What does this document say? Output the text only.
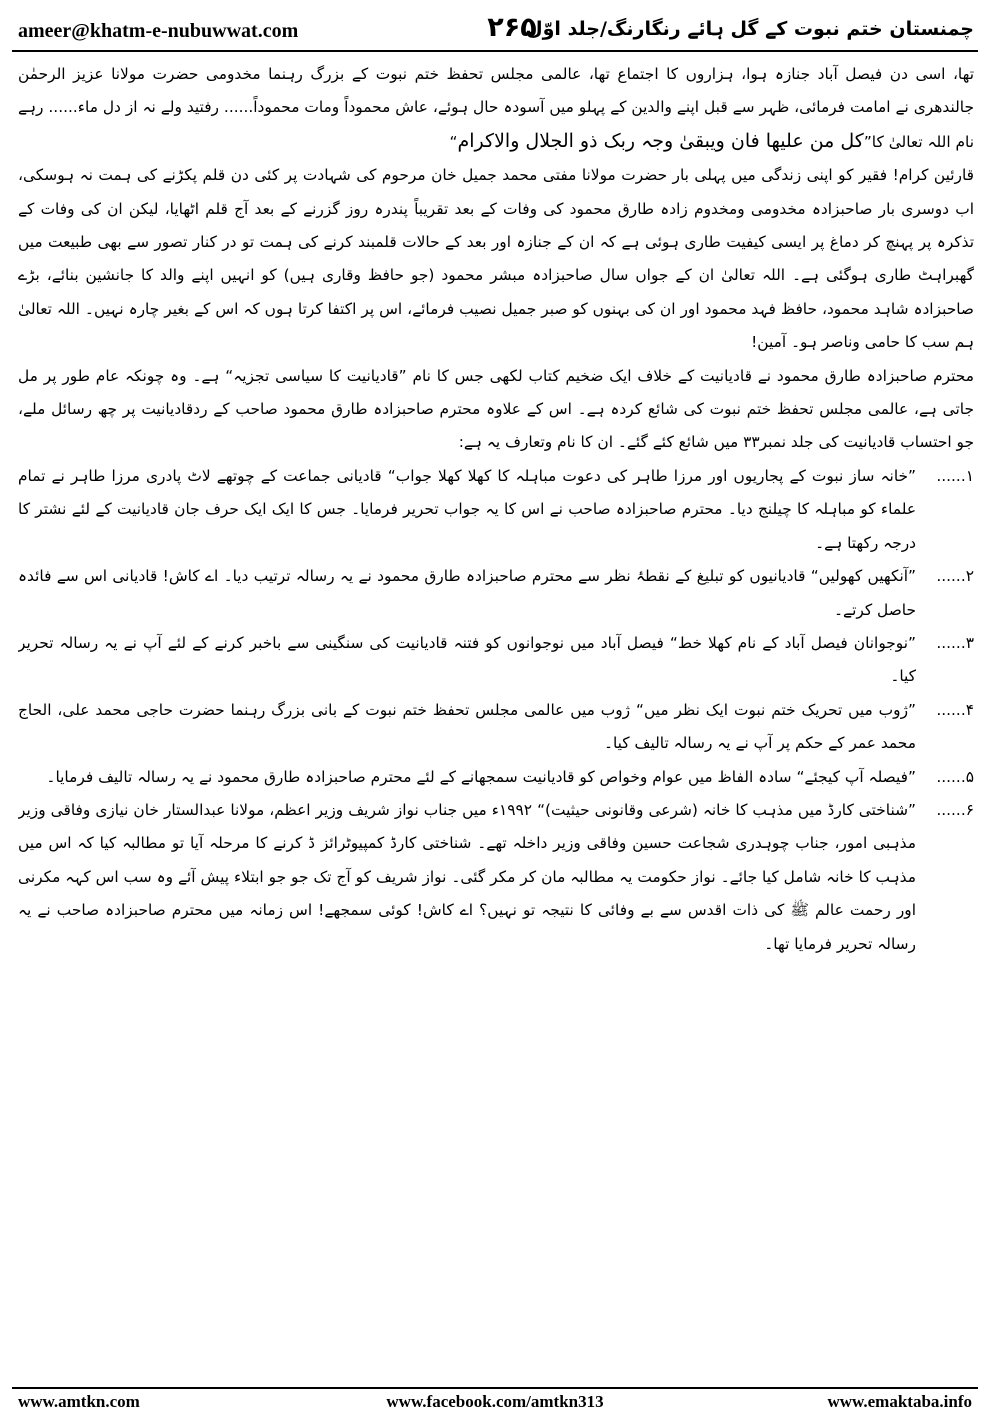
ameer@khatm-e-nubuwwat.com	۲۶۵
چمنستان ختم نبوت کے گل ہائے رنگارنگ/جلد اوّل

تھا، اسی دن فیصل آباد جنازہ ہوا، ہزاروں کا اجتماع تھا، عالمی مجلس تحفظ ختم نبوت کے بزرگ رہنما مخدومی حضرت مولانا عزیز الرحمٰن جالندھری نے امامت فرمائی، ظہر سے قبل اپنے والدین کے پہلو میں آسودہ حال ہوئے، عاش محموداً ومات محموداً...... رفتید ولے نہ از دل ماء...... رہے نام اللہ تعالیٰ کا”کل من علیھا فان ویبقیٰ وجہ ربک ذو الجلال والاکرام“

قارئین کرام! فقیر کو اپنی زندگی میں پہلی بار حضرت مولانا مفتی محمد جمیل خان مرحوم کی شہادت پر کئی دن قلم پکڑنے کی ہمت نہ ہوسکی، اب دوسری بار صاحبزادہ مخدومی ومخدوم زادہ طارق محمود کی وفات کے بعد تقریباً پندرہ روز گزرنے کے بعد آج قلم اٹھایا، لیکن ان کی وفات کے تذکرہ پر پہنچ کر دماغ پر ایسی کیفیت طاری ہوئی ہے کہ ان کے جنازہ اور بعد کے حالات قلمبند کرنے کی ہمت تو در کنار تصور سے بھی طبیعت میں گھبراہٹ طاری ہوگئی ہے۔ اللہ تعالیٰ ان کے جواں سال صاحبزادہ مبشر محمود (جو حافظ وقاری ہیں) کو انہیں اپنے والد کا جانشین بنائے، بڑے صاحبزادہ شاہد محمود، حافظ فہد محمود اور ان کی بہنوں کو صبر جمیل نصیب فرمائے، اس پر اکتفا کرتا ہوں کہ اس کے بغیر چارہ نہیں۔ اللہ تعالیٰ ہم سب کا حامی وناصر ہو۔ آمین!

محترم صاحبزادہ طارق محمود نے قادیانیت کے خلاف ایک ضخیم کتاب لکھی جس کا نام ”قادیانیت کا سیاسی تجزیہ“ ہے۔ وہ چونکہ عام طور پر مل جاتی ہے، عالمی مجلس تحفظ ختم نبوت کی شائع کردہ ہے۔ اس کے علاوہ محترم صاحبزادہ طارق محمود صاحب کے ردقادیانیت پر چھ رسائل ملے، جو احتساب قادیانیت کی جلد نمبر۳۳ میں شائع کئے گئے۔ ان کا نام وتعارف یہ ہے:

۱......
”خانہ ساز نبوت کے پجاریوں اور مرزا طاہر کی دعوت مباہلہ کا کھلا کھلا جواب“ قادیانی جماعت کے چوتھے لاٹ پادری مرزا طاہر نے تمام علماء کو مباہلہ کا چیلنج دیا۔ محترم صاحبزادہ صاحب نے اس کا یہ جواب تحریر فرمایا۔ جس کا ایک ایک حرف جان قادیانیت کے لئے نشتر کا درجہ رکھتا ہے۔
۲......
”آنکھیں کھولیں“ قادیانیوں کو تبلیغ کے نقطۂ نظر سے محترم صاحبزادہ طارق محمود نے یہ رسالہ ترتیب دیا۔ اے کاش! قادیانی اس سے فائدہ حاصل کرتے۔
۳......
”نوجوانان فیصل آباد کے نام کھلا خط“ فیصل آباد میں نوجوانوں کو فتنہ قادیانیت کی سنگینی سے باخبر کرنے کے لئے آپ نے یہ رسالہ تحریر کیا۔
۴......
”ژوب میں تحریک ختم نبوت ایک نظر میں“ ژوب میں عالمی مجلس تحفظ ختم نبوت کے بانی بزرگ رہنما حضرت حاجی محمد علی، الحاج محمد عمر کے حکم پر آپ نے یہ رسالہ تالیف کیا۔
۵......
”فیصلہ آپ کیجئے“ سادہ الفاظ میں عوام وخواص کو قادیانیت سمجھانے کے لئے محترم صاحبزادہ طارق محمود نے یہ رسالہ تالیف فرمایا۔
۶......
”شناختی کارڈ میں مذہب کا خانہ (شرعی وقانونی حیثیت)“ ۱۹۹۲ء میں جناب نواز شریف وزیر اعظم، مولانا عبدالستار خان نیازی وفاقی وزیر مذہبی امور، جناب چوہدری شجاعت حسین وفاقی وزیر داخلہ تھے۔ شناختی کارڈ کمپیوٹرائز ڈ کرنے کا مرحلہ آیا تو مطالبہ کیا کہ اس میں مذہب کا خانہ شامل کیا جائے۔ نواز حکومت یہ مطالبہ مان کر مکر گئی۔ نواز شریف کو آج تک جو جو ابتلاء پیش آئے وہ سب اس کہہ مکرنی اور رحمت عالم ﷺ کی ذات اقدس سے بے وفائی کا نتیجہ تو نہیں؟ اے کاش! کوئی سمجھے! اس زمانہ میں محترم صاحبزادہ صاحب نے یہ رسالہ تحریر فرمایا تھا۔
www.amtkn.com	www.facebook.com/amtkn313	www.emaktaba.info
